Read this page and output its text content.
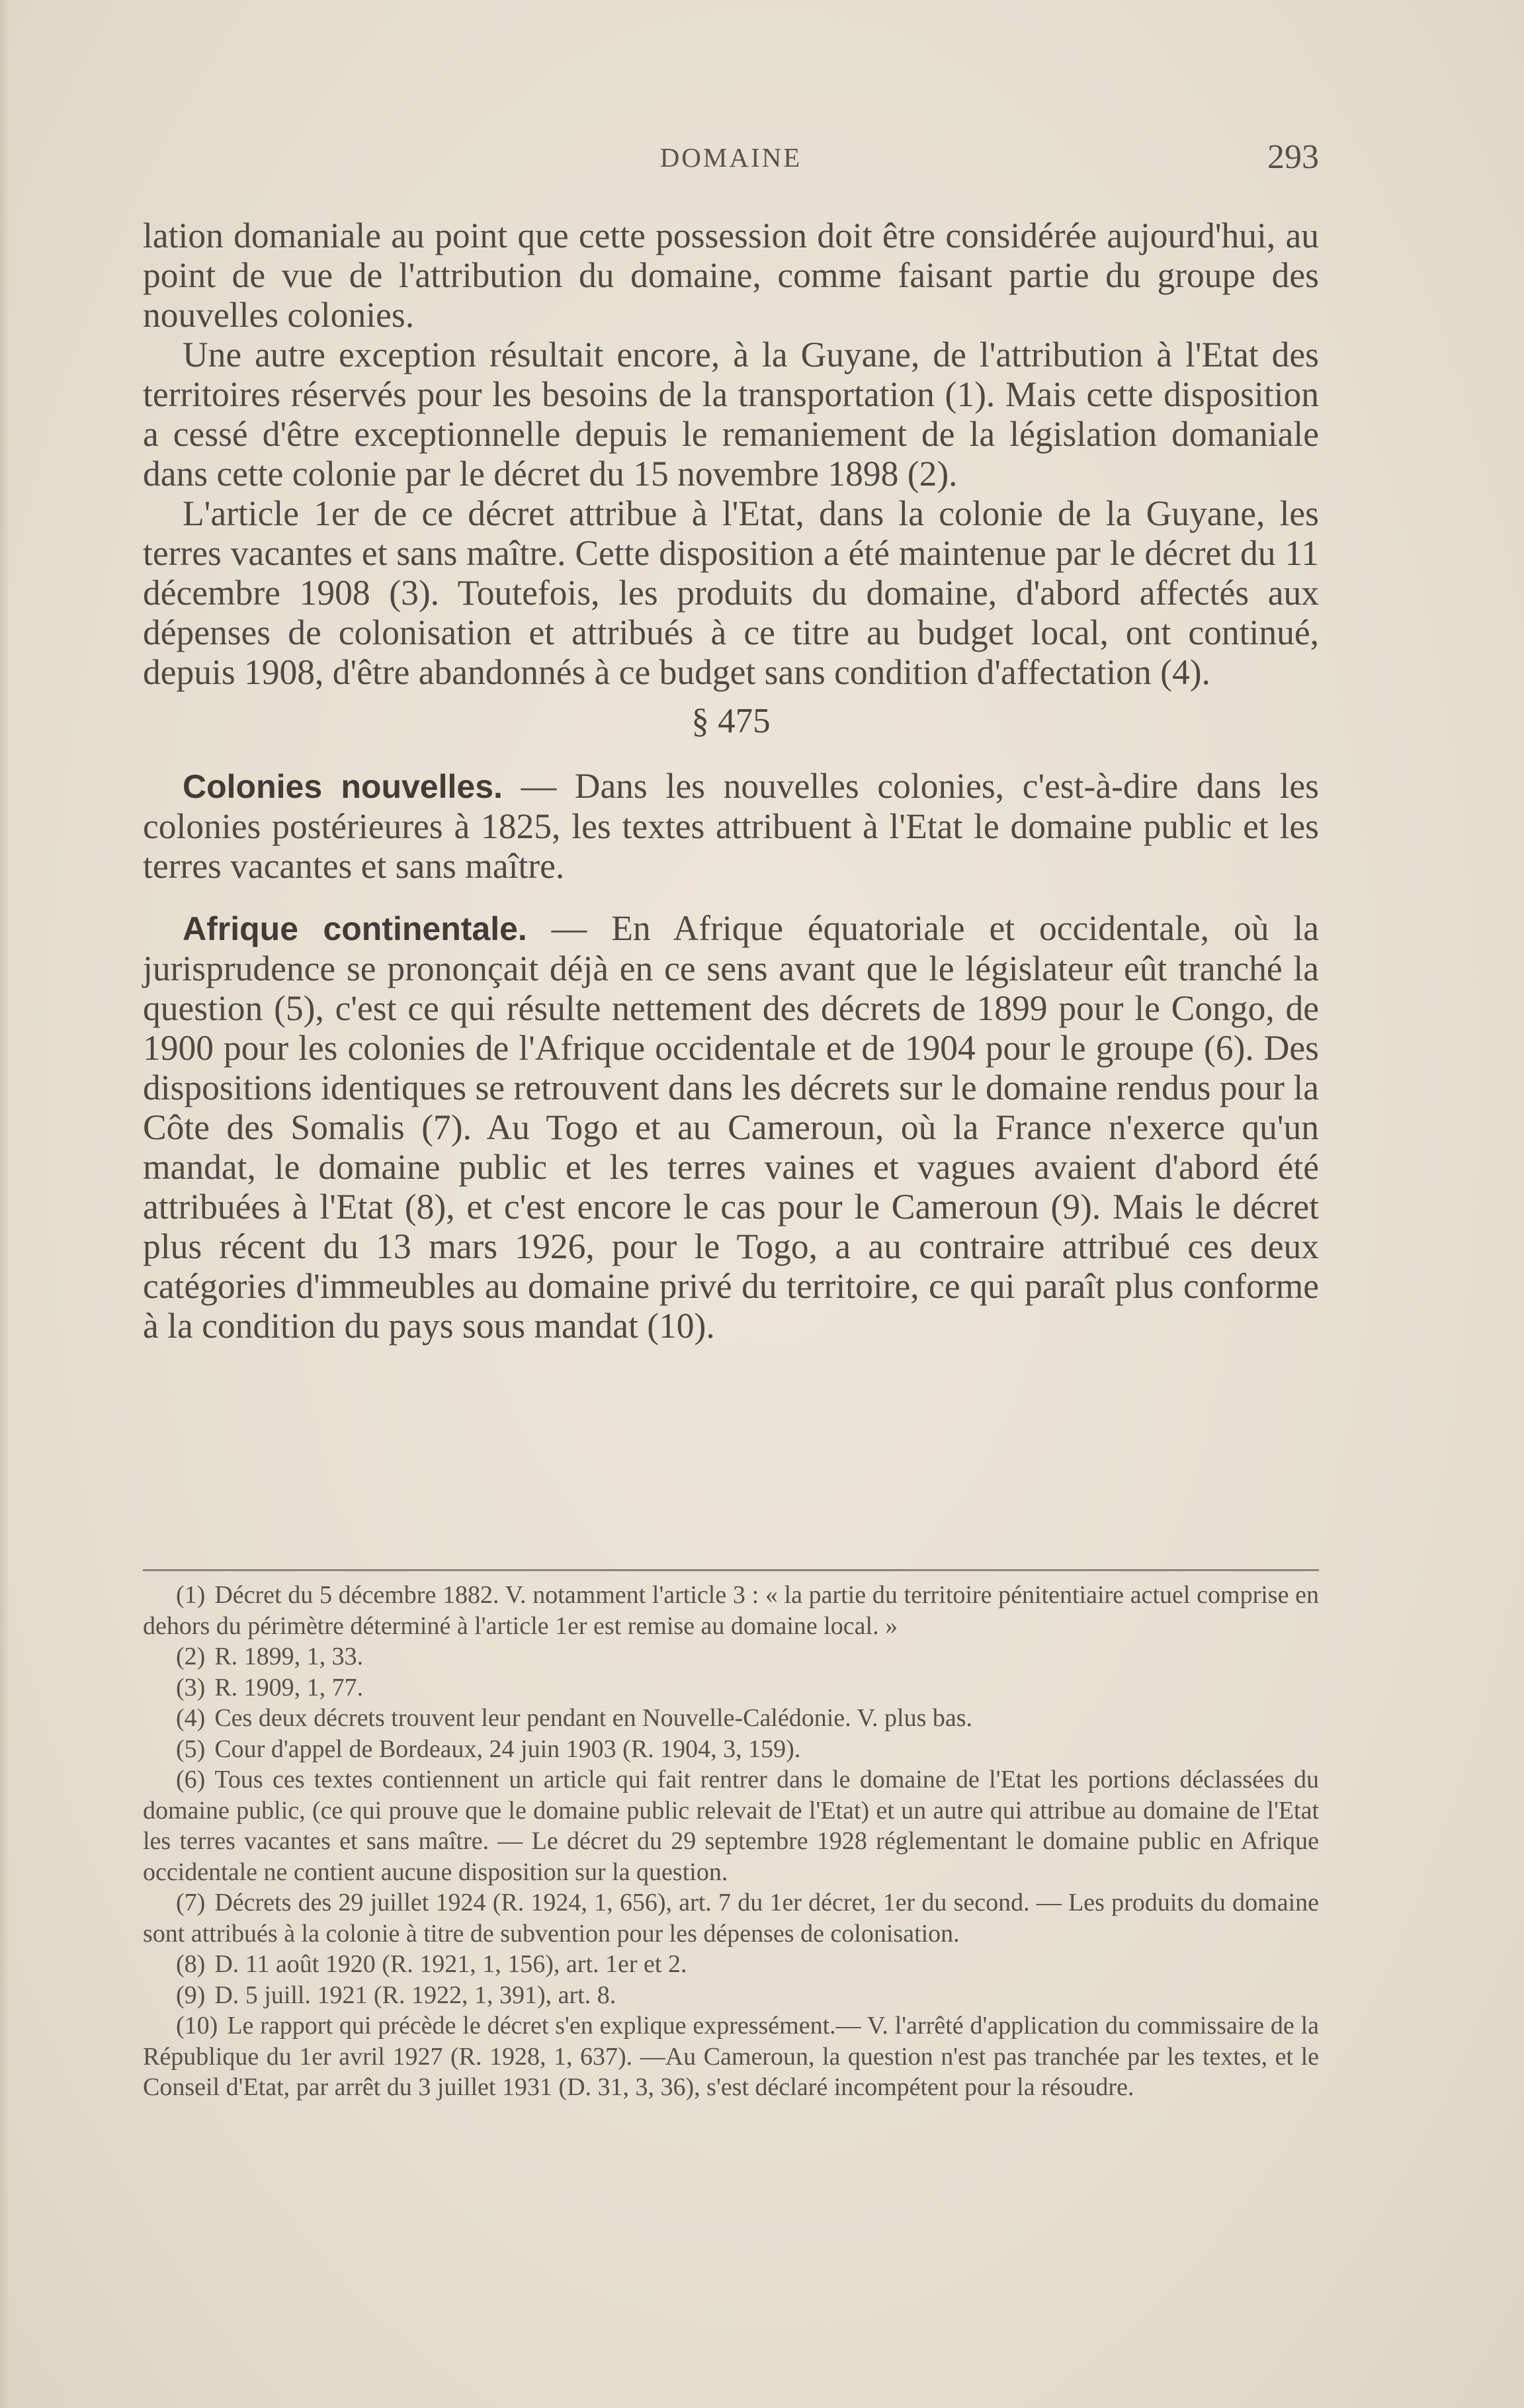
DOMAINE	293

lation domaniale au point que cette possession doit être considérée aujourd'hui, au point de vue de l'attribution du domaine, comme faisant partie du groupe des nouvelles colonies.

Une autre exception résultait encore, à la Guyane, de l'attribution à l'Etat des territoires réservés pour les besoins de la transportation (1). Mais cette disposition a cessé d'être exceptionnelle depuis le remaniement de la législation domaniale dans cette colonie par le décret du 15 novembre 1898 (2).

L'article 1er de ce décret attribue à l'Etat, dans la colonie de la Guyane, les terres vacantes et sans maître. Cette disposition a été maintenue par le décret du 11 décembre 1908 (3). Toutefois, les produits du domaine, d'abord affectés aux dépenses de colonisation et attribués à ce titre au budget local, ont continué, depuis 1908, d'être abandonnés à ce budget sans condition d'affectation (4).

§ 475

Colonies nouvelles. — Dans les nouvelles colonies, c'est-à-dire dans les colonies postérieures à 1825, les textes attribuent à l'Etat le domaine public et les terres vacantes et sans maître.

Afrique continentale. — En Afrique équatoriale et occidentale, où la jurisprudence se prononçait déjà en ce sens avant que le législateur eût tranché la question (5), c'est ce qui résulte nettement des décrets de 1899 pour le Congo, de 1900 pour les colonies de l'Afrique occidentale et de 1904 pour le groupe (6). Des dispositions identiques se retrouvent dans les décrets sur le domaine rendus pour la Côte des Somalis (7). Au Togo et au Cameroun, où la France n'exerce qu'un mandat, le domaine public et les terres vaines et vagues avaient d'abord été attribuées à l'Etat (8), et c'est encore le cas pour le Cameroun (9). Mais le décret plus récent du 13 mars 1926, pour le Togo, a au contraire attribué ces deux catégories d'immeubles au domaine privé du territoire, ce qui paraît plus conforme à la condition du pays sous mandat (10).

(1) Décret du 5 décembre 1882. V. notamment l'article 3 : « la partie du territoire pénitentiaire actuel comprise en dehors du périmètre déterminé à l'article 1er est remise au domaine local. »

(2) R. 1899, 1, 33.

(3) R. 1909, 1, 77.

(4) Ces deux décrets trouvent leur pendant en Nouvelle-Calédonie. V. plus bas.

(5) Cour d'appel de Bordeaux, 24 juin 1903 (R. 1904, 3, 159).

(6) Tous ces textes contiennent un article qui fait rentrer dans le domaine de l'Etat les portions déclassées du domaine public, (ce qui prouve que le domaine public relevait de l'Etat) et un autre qui attribue au domaine de l'Etat les terres vacantes et sans maître. — Le décret du 29 septembre 1928 réglementant le domaine public en Afrique occidentale ne contient aucune disposition sur la question.

(7) Décrets des 29 juillet 1924 (R. 1924, 1, 656), art. 7 du 1er décret, 1er du second. — Les produits du domaine sont attribués à la colonie à titre de subvention pour les dépenses de colonisation.

(8) D. 11 août 1920 (R. 1921, 1, 156), art. 1er et 2.

(9) D. 5 juill. 1921 (R. 1922, 1, 391), art. 8.

(10) Le rapport qui précède le décret s'en explique expressément.— V. l'arrêté d'application du commissaire de la République du 1er avril 1927 (R. 1928, 1, 637). —Au Cameroun, la question n'est pas tranchée par les textes, et le Conseil d'Etat, par arrêt du 3 juillet 1931 (D. 31, 3, 36), s'est déclaré incompétent pour la résoudre.
